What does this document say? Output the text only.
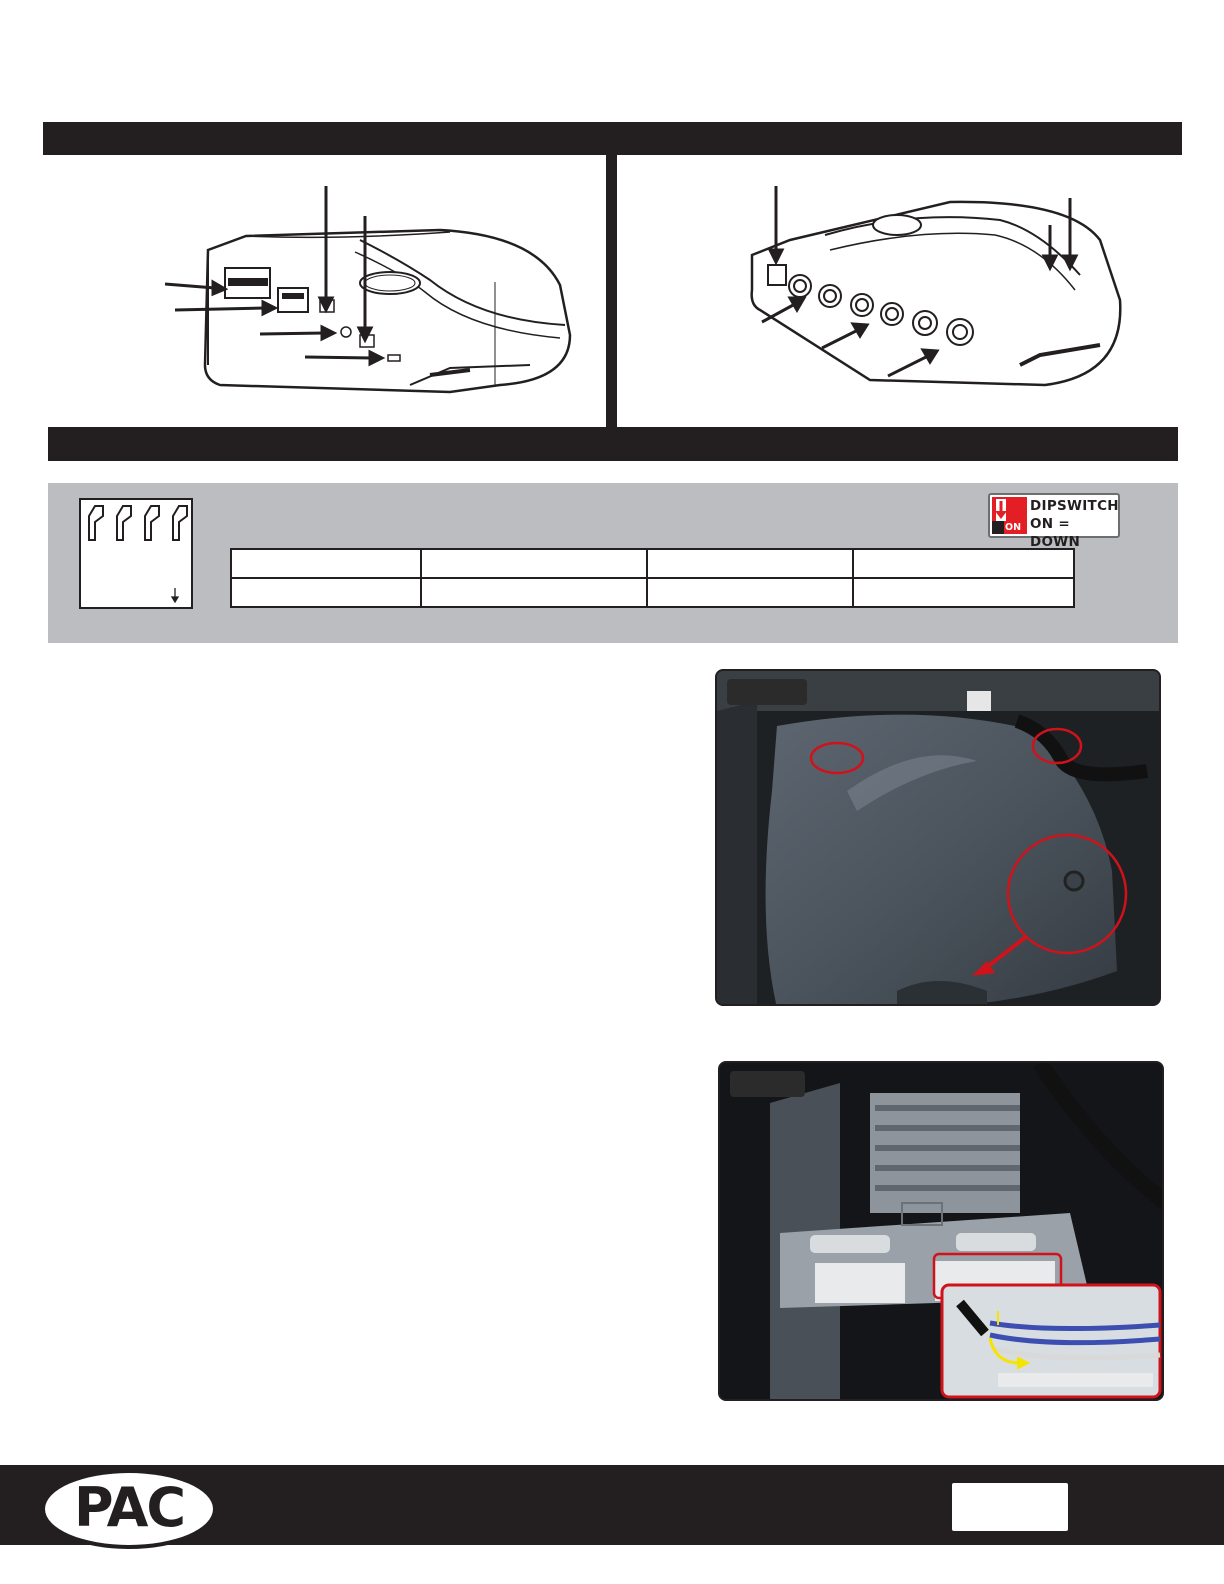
ON
DIPSWITCH
ON = DOWN
PAC
